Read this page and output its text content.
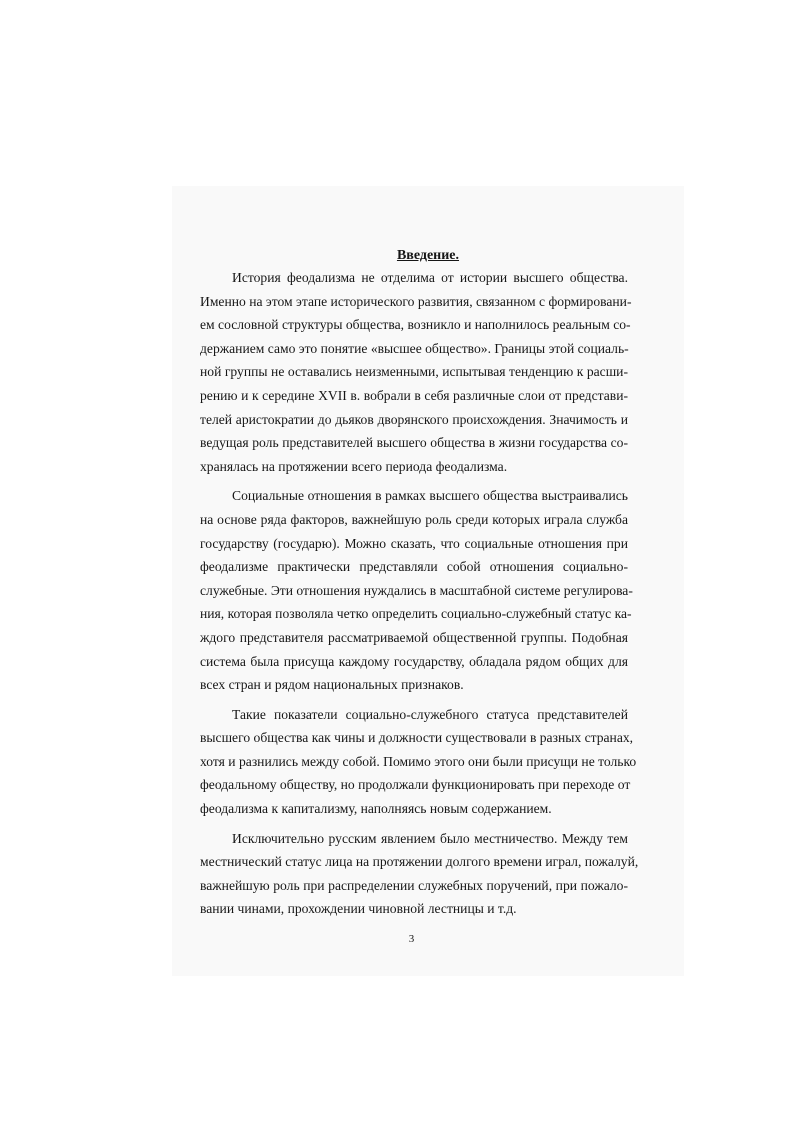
Введение.
История феодализма не отделима от истории высшего общества.
Именно на этом этапе исторического развития, связанном с формировани-
ем сословной структуры общества, возникло и наполнилось реальным со-
держанием само это понятие «высшее общество». Границы этой социаль-
ной группы не оставались неизменными, испытывая тенденцию к расши-
рению и к середине XVII в. вобрали в себя различные слои от представи-
телей аристократии до дьяков дворянского происхождения. Значимость и
ведущая роль представителей высшего общества в жизни государства со-
хранялась на протяжении всего периода феодализма.
Социальные отношения в рамках высшего общества выстраивались
на основе ряда факторов, важнейшую роль среди которых играла служба
государству (государю). Можно сказать, что социальные отношения при
феодализме практически представляли собой отношения социально-
служебные. Эти отношения нуждались в масштабной системе регулирова-
ния, которая позволяла четко определить социально-служебный статус ка-
ждого представителя рассматриваемой общественной группы. Подобная
система была присуща каждому государству, обладала рядом общих для
всех стран и рядом национальных признаков.
Такие показатели социально-служебного статуса представителей
высшего общества как чины и должности существовали в разных странах,
хотя и разнились между собой. Помимо этого они были присущи не только
феодальному обществу, но продолжали функционировать при переходе от
феодализма к капитализму, наполняясь новым содержанием.
Исключительно русским явлением было местничество. Между тем
местнический статус лица на протяжении долгого времени играл, пожалуй,
важнейшую роль при распределении служебных поручений, при пожало-
вании чинами, прохождении чиновной лестницы и т.д.
3
